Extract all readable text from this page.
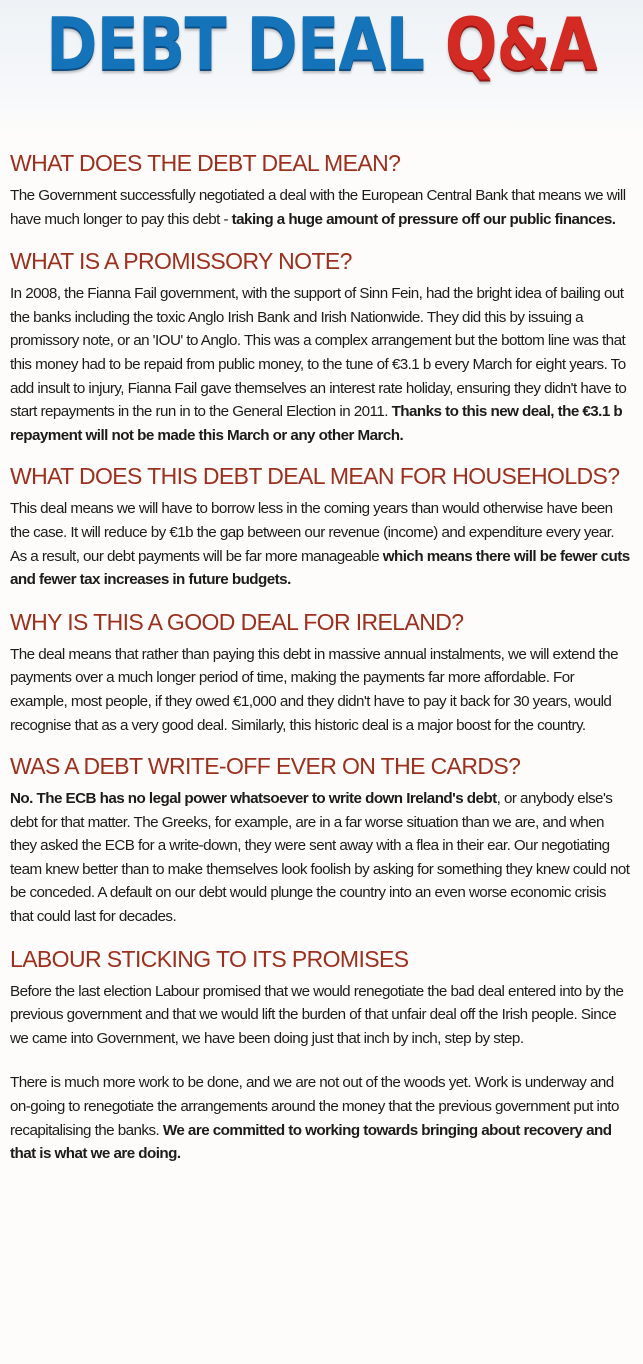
DEBT DEAL Q&A
WHAT DOES THE DEBT DEAL MEAN?

The Government successfully negotiated a deal with the European Central Bank that means we will have much longer to pay this debt - taking a huge amount of pressure off our public finances.

WHAT IS A PROMISSORY NOTE?

In 2008, the Fianna Fail government, with the support of Sinn Fein, had the bright idea of bailing out the banks including the toxic Anglo Irish Bank and Irish Nationwide. They did this by issuing a promissory note, or an 'IOU' to Anglo. This was a complex arrangement but the bottom line was that this money had to be repaid from public money, to the tune of €3.1 b every March for eight years. To add insult to injury, Fianna Fail gave themselves an interest rate holiday, ensuring they didn't have to start repayments in the run in to the General Election in 2011. Thanks to this new deal, the €3.1 b repayment will not be made this March or any other March.

WHAT DOES THIS DEBT DEAL MEAN FOR HOUSEHOLDS?

This deal means we will have to borrow less in the coming years than would otherwise have been the case. It will reduce by €1b the gap between our revenue (income) and expenditure every year. As a result, our debt payments will be far more manageable which means there will be fewer cuts and fewer tax increases in future budgets.

WHY IS THIS A GOOD DEAL FOR IRELAND?

The deal means that rather than paying this debt in massive annual instalments, we will extend the payments over a much longer period of time, making the payments far more affordable. For example, most people, if they owed €1,000 and they didn't have to pay it back for 30 years, would recognise that as a very good deal. Similarly, this historic deal is a major boost for the country.

WAS A DEBT WRITE-OFF EVER ON THE CARDS?

No. The ECB has no legal power whatsoever to write down Ireland's debt, or anybody else's debt for that matter. The Greeks, for example, are in a far worse situation than we are, and when they asked the ECB for a write-down, they were sent away with a flea in their ear. Our negotiating team knew better than to make themselves look foolish by asking for something they knew could not be conceded. A default on our debt would plunge the country into an even worse economic crisis that could last for decades.

LABOUR STICKING TO ITS PROMISES

Before the last election Labour promised that we would renegotiate the bad deal entered into by the previous government and that we would lift the burden of that unfair deal off the Irish people. Since we came into Government, we have been doing just that inch by inch, step by step.

There is much more work to be done, and we are not out of the woods yet. Work is underway and on-going to renegotiate the arrangements around the money that the previous government put into recapitalising the banks. We are committed to working towards bringing about recovery and that is what we are doing.
